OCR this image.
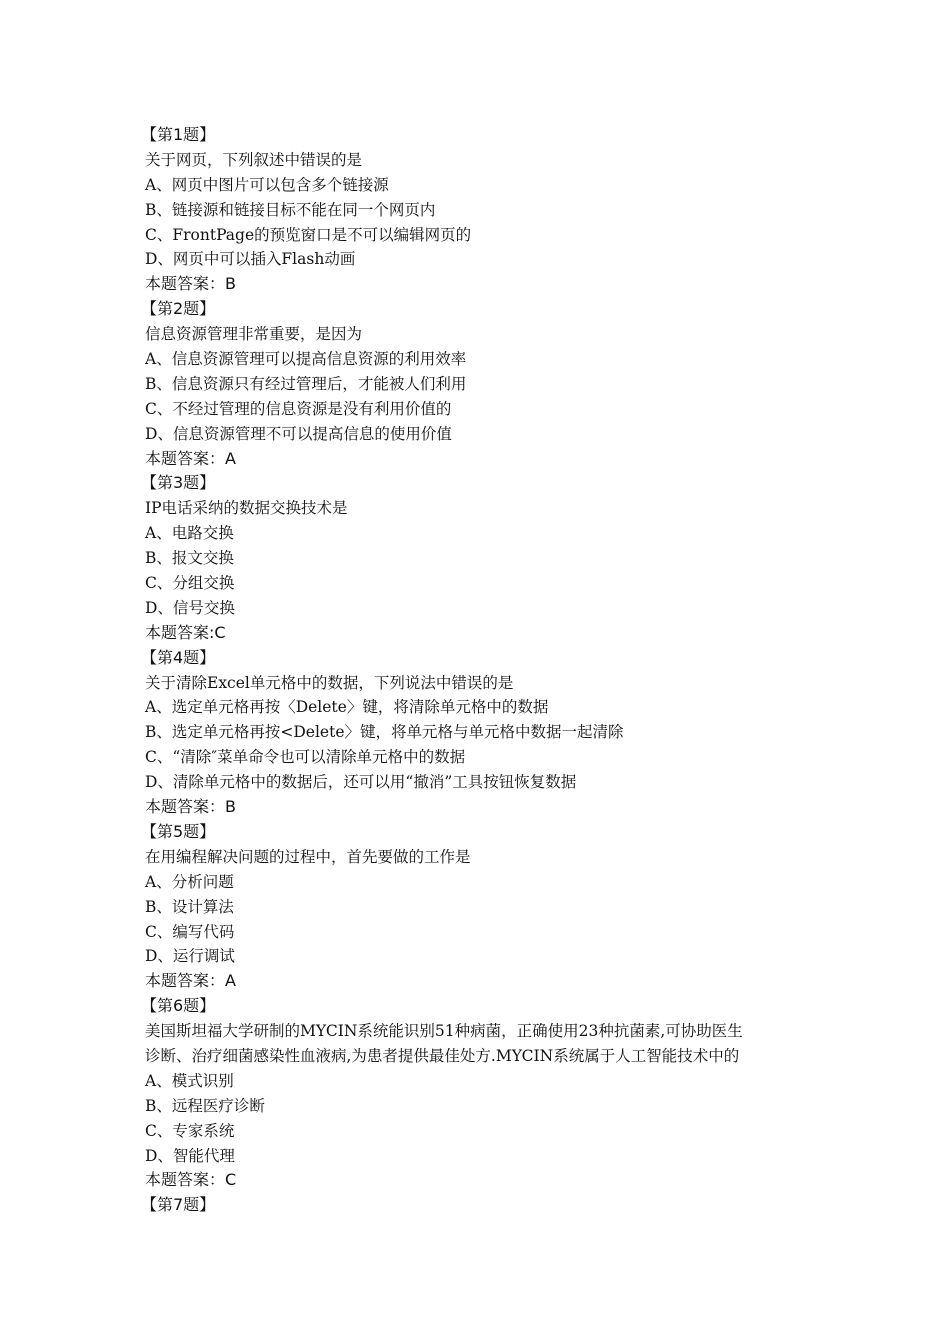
【第1题】
关于网页，下列叙述中错误的是
A、网页中图片可以包含多个链接源
B、链接源和链接目标不能在同一个网页内
C、FrontPage的预览窗口是不可以编辑网页的
D、网页中可以插入Flash动画
本题答案：B
【第2题】
信息资源管理非常重要，是因为
A、信息资源管理可以提高信息资源的利用效率
B、信息资源只有经过管理后，才能被人们利用
C、不经过管理的信息资源是没有利用价值的
D、信息资源管理不可以提高信息的使用价值
本题答案：A
【第3题】
IP电话采纳的数据交换技术是
A、电路交换
B、报文交换
C、分组交换
D、信号交换
本题答案:C
【第4题】
关于清除Excel单元格中的数据，下列说法中错误的是
A、选定单元格再按〈Delete〉键，将清除单元格中的数据
B、选定单元格再按<Delete〉键，将单元格与单元格中数据一起清除
C、“清除″菜单命令也可以清除单元格中的数据
D、清除单元格中的数据后，还可以用“撤消”工具按钮恢复数据
本题答案：B
【第5题】
在用编程解决问题的过程中，首先要做的工作是
A、分析问题
B、设计算法
C、编写代码
D、运行调试
本题答案：A
【第6题】
美国斯坦福大学研制的MYCIN系统能识别51种病菌，正确使用23种抗菌素,可协助医生
诊断、治疗细菌感染性血液病,为患者提供最佳处方.MYCIN系统属于人工智能技术中的
A、模式识别
B、远程医疗诊断
C、专家系统
D、智能代理
本题答案：C
【第7题】
